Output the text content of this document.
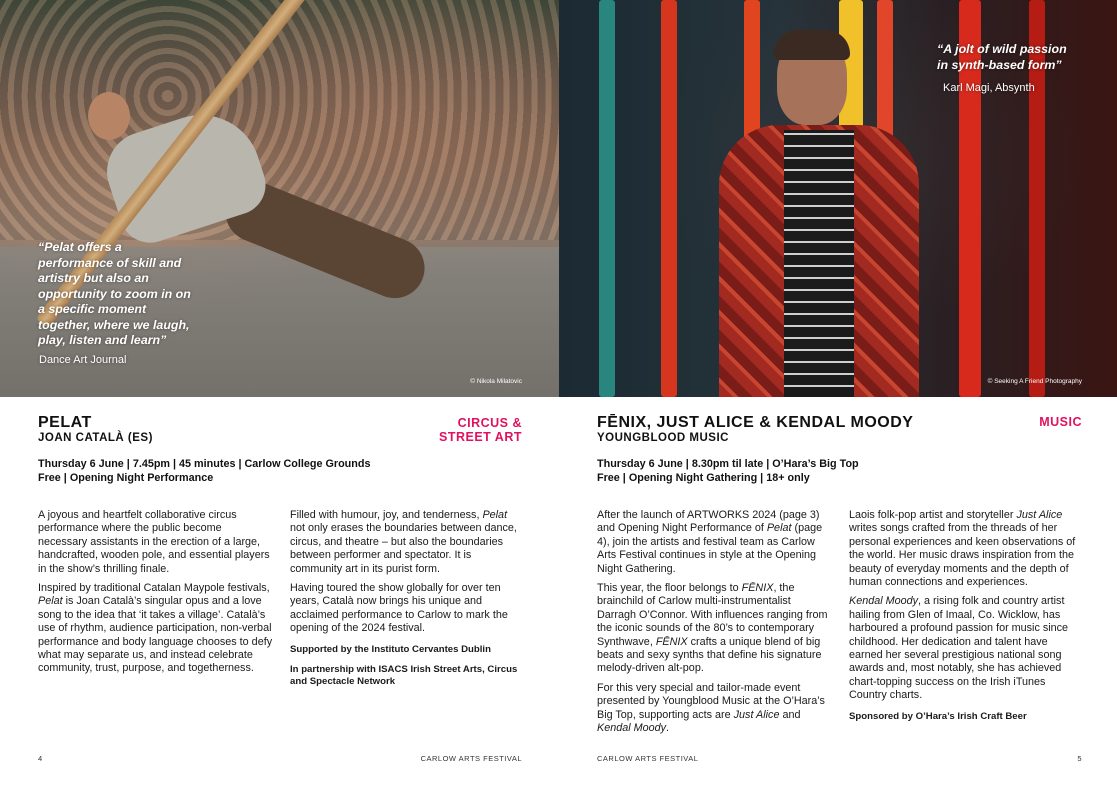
“Pelat offers a performance of skill and artistry but also an opportunity to zoom in on a specific moment together, where we laugh, play, listen and learn”
Dance Art Journal
© Nikola Milatovic
PELAT
JOAN CATALÀ (ES)
CIRCUS &
STREET ART
Thursday 6 June | 7.45pm | 45 minutes | Carlow College Grounds
Free | Opening Night Performance

A joyous and heartfelt collaborative circus performance where the public become necessary assistants in the erection of a large, handcrafted, wooden pole, and essential players in the show’s thrilling finale.

Inspired by traditional Catalan Maypole festivals, Pelat is Joan Català’s singular opus and a love song to the idea that ‘it takes a village’. Català’s use of rhythm, audience participation, non-verbal performance and body language chooses to defy what may separate us, and instead celebrate community, trust, purpose, and togetherness.

Filled with humour, joy, and tenderness, Pelat not only erases the boundaries between dance, circus, and theatre – but also the boundaries between performer and spectator. It is community art in its purist form.

Having toured the show globally for over ten years, Català now brings his unique and acclaimed performance to Carlow to mark the opening of the 2024 festival.

Supported by the Instituto Cervantes Dublin

In partnership with ISACS Irish Street Arts, Circus and Spectacle Network

4	CARLOW ARTS FESTIVAL
“A jolt of wild passion in synth-based form”
Karl Magi, Absynth
© Seeking A Friend Photography
FĒNIX, JUST ALICE & KENDAL MOODY
YOUNGBLOOD MUSIC
MUSIC
Thursday 6 June | 8.30pm til late | O’Hara’s Big Top
Free | Opening Night Gathering | 18+ only

After the launch of ARTWORKS 2024 (page 3) and Opening Night Performance of Pelat (page 4), join the artists and festival team as Carlow Arts Festival continues in style at the Opening Night Gathering.

This year, the floor belongs to FĒNIX, the brainchild of Carlow multi-instrumentalist Darragh O’Connor. With influences ranging from the iconic sounds of the 80’s to contemporary Synthwave, FĒNIX crafts a unique blend of big beats and sexy synths that define his signature melody-driven alt-pop.

For this very special and tailor-made event presented by Youngblood Music at the O’Hara’s Big Top, supporting acts are Just Alice and Kendal Moody.

Laois folk-pop artist and storyteller Just Alice writes songs crafted from the threads of her personal experiences and keen observations of the world. Her music draws inspiration from the beauty of everyday moments and the depth of human connections and experiences.

Kendal Moody, a rising folk and country artist hailing from Glen of Imaal, Co. Wicklow, has harboured a profound passion for music since childhood. Her dedication and talent have earned her several prestigious national song awards and, most notably, she has achieved chart-topping success on the Irish iTunes Country charts.

Sponsored by O’Hara’s Irish Craft Beer

CARLOW ARTS FESTIVAL	5
